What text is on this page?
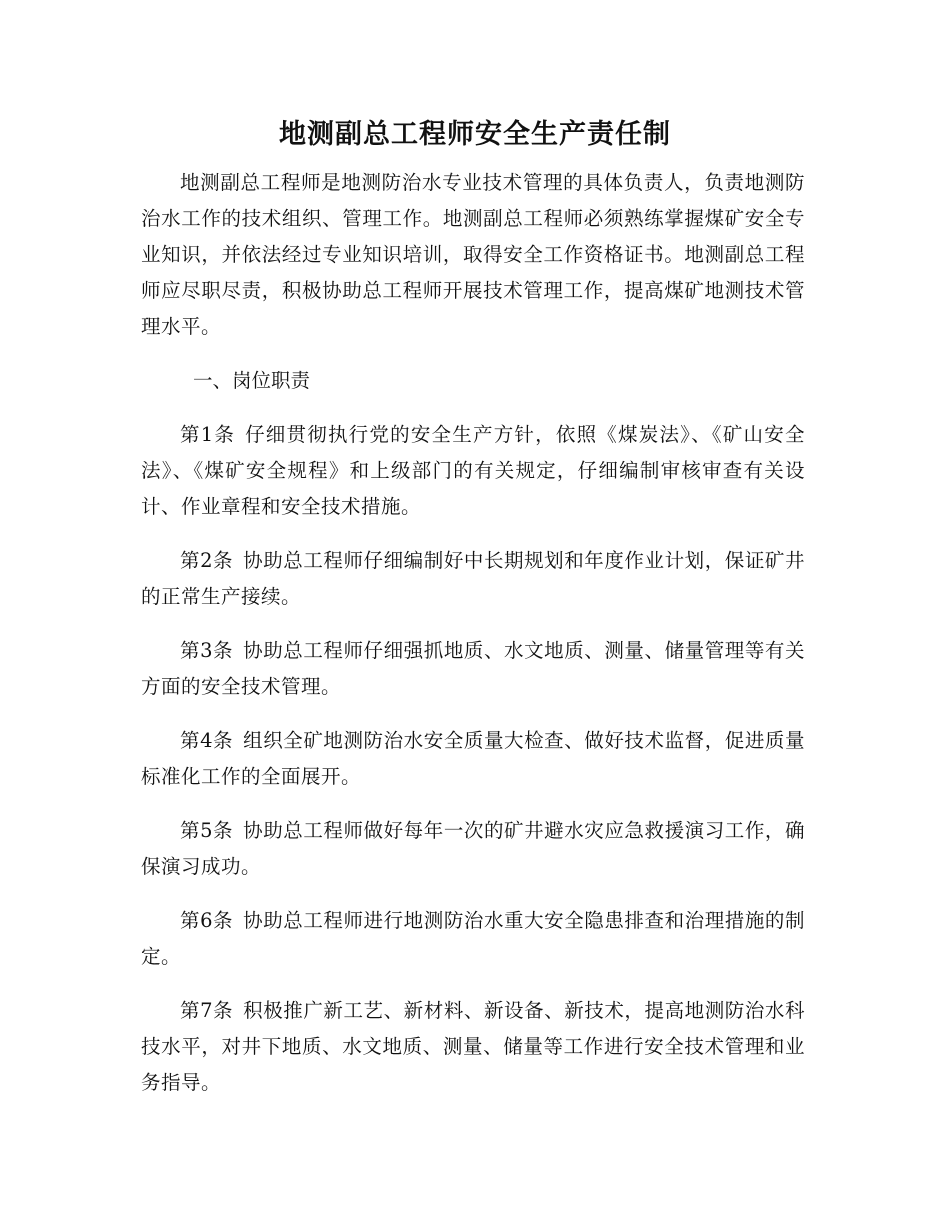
地测副总工程师安全生产责任制

地测副总工程师是地测防治水专业技术管理的具体负责人，负责地测防治水工作的技术组织、管理工作。地测副总工程师必须熟练掌握煤矿安全专业知识，并依法经过专业知识培训，取得安全工作资格证书。地测副总工程师应尽职尽责，积极协助总工程师开展技术管理工作，提高煤矿地测技术管理水平。

一、岗位职责

第1条 仔细贯彻执行党的安全生产方针，依照《煤炭法》、《矿山安全法》、《煤矿安全规程》和上级部门的有关规定，仔细编制审核审查有关设计、作业章程和安全技术措施。

第2条 协助总工程师仔细编制好中长期规划和年度作业计划，保证矿井的正常生产接续。

第3条 协助总工程师仔细强抓地质、水文地质、测量、储量管理等有关方面的安全技术管理。

第4条 组织全矿地测防治水安全质量大检查、做好技术监督，促进质量标准化工作的全面展开。

第5条 协助总工程师做好每年一次的矿井避水灾应急救援演习工作，确保演习成功。

第6条 协助总工程师进行地测防治水重大安全隐患排查和治理措施的制定。

第7条 积极推广新工艺、新材料、新设备、新技术，提高地测防治水科技水平，对井下地质、水文地质、测量、储量等工作进行安全技术管理和业务指导。
